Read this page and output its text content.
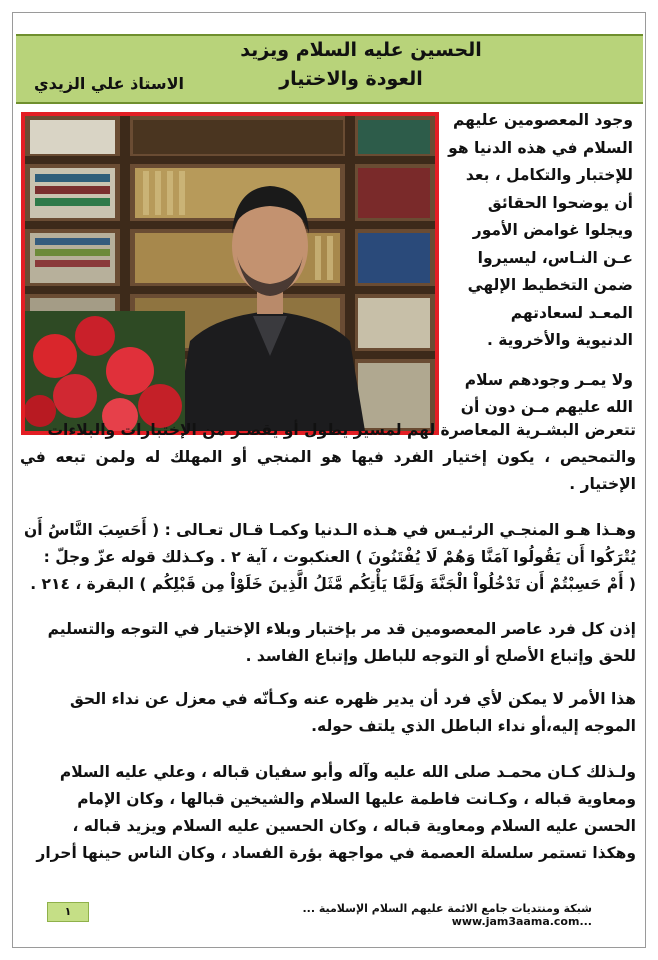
الحسين عليه السلام ويزيد
العودة والاختيار
الاستاذ علي الزيدي
وجود المعصومين عليهم
السلام في هذه الدنيا هو
للإختبار والتكامل ، بعد
أن يوضحوا الحقائق
ويجلوا غوامض الأمور
عـن النـاس، ليسيروا
ضمن التخطيط الإلهي
المعـد لسعادتهم
الدنيوية والأخروية .
ولا يمـر وجودهم سلام
الله عليهم مـن دون أن
تتعرض البشـرية المعاصرة لهم لمسير يطول أو يقصـر من الإختبارات والبلاءات
والتمحيص ، يكون إختيار الفرد فيها هو المنجي أو المهلك له ولمن تبعه في الإختيار .
وهـذا هـو المنجـي الرئيـس في هـذه الـدنيا وكمـا قـال تعـالى : ( أَحَسِبَ النَّاسُ أَن
يُتْرَكُوا أَن يَقُولُوا آمَنَّا وَهُمْ لَا يُفْتَنُونَ ) العنكبوت ، آية ٢ . وكـذلك قوله عزّ وجلّ :
( أَمْ حَسِبْتُمْ أَن تَدْخُلُواْ الْجَنَّةَ وَلَمَّا يَأْتِكُم مَّثَلُ الَّذِينَ خَلَوْاْ مِن قَبْلِكُم ) البقرة ، ٢١٤ .
إذن كل فرد عاصر المعصومين قد مر بإختبار وبلاء الإختيار في التوجه والتسليم
للحق وإتباع الأصلح أو التوجه للباطل وإتباع الفاسد .
هذا الأمر لا يمكن لأي فرد أن يدير ظهره عنه وكـأنّه في معزل عن نداء الحق
الموجه إليه،أو نداء الباطل الذي يلتف حوله.
ولـذلك كـان محمـد صلى الله عليه وآله وأبو سفيان قباله ، وعلي عليه السلام
ومعاوية قباله ، وكـانت فاطمة عليها السلام والشيخين قبالها ، وكان الإمام
الحسن عليه السلام ومعاوية قباله ، وكان الحسين عليه السلام ويزيد قباله ،
وهكذا تستمر سلسلة العصمة في مواجهة بؤرة الفساد ، وكان الناس حينها أحرار
١	شبكة ومنتديات جامع الائمة عليهم السلام الإسلامية ... www.jam3aama.com...
